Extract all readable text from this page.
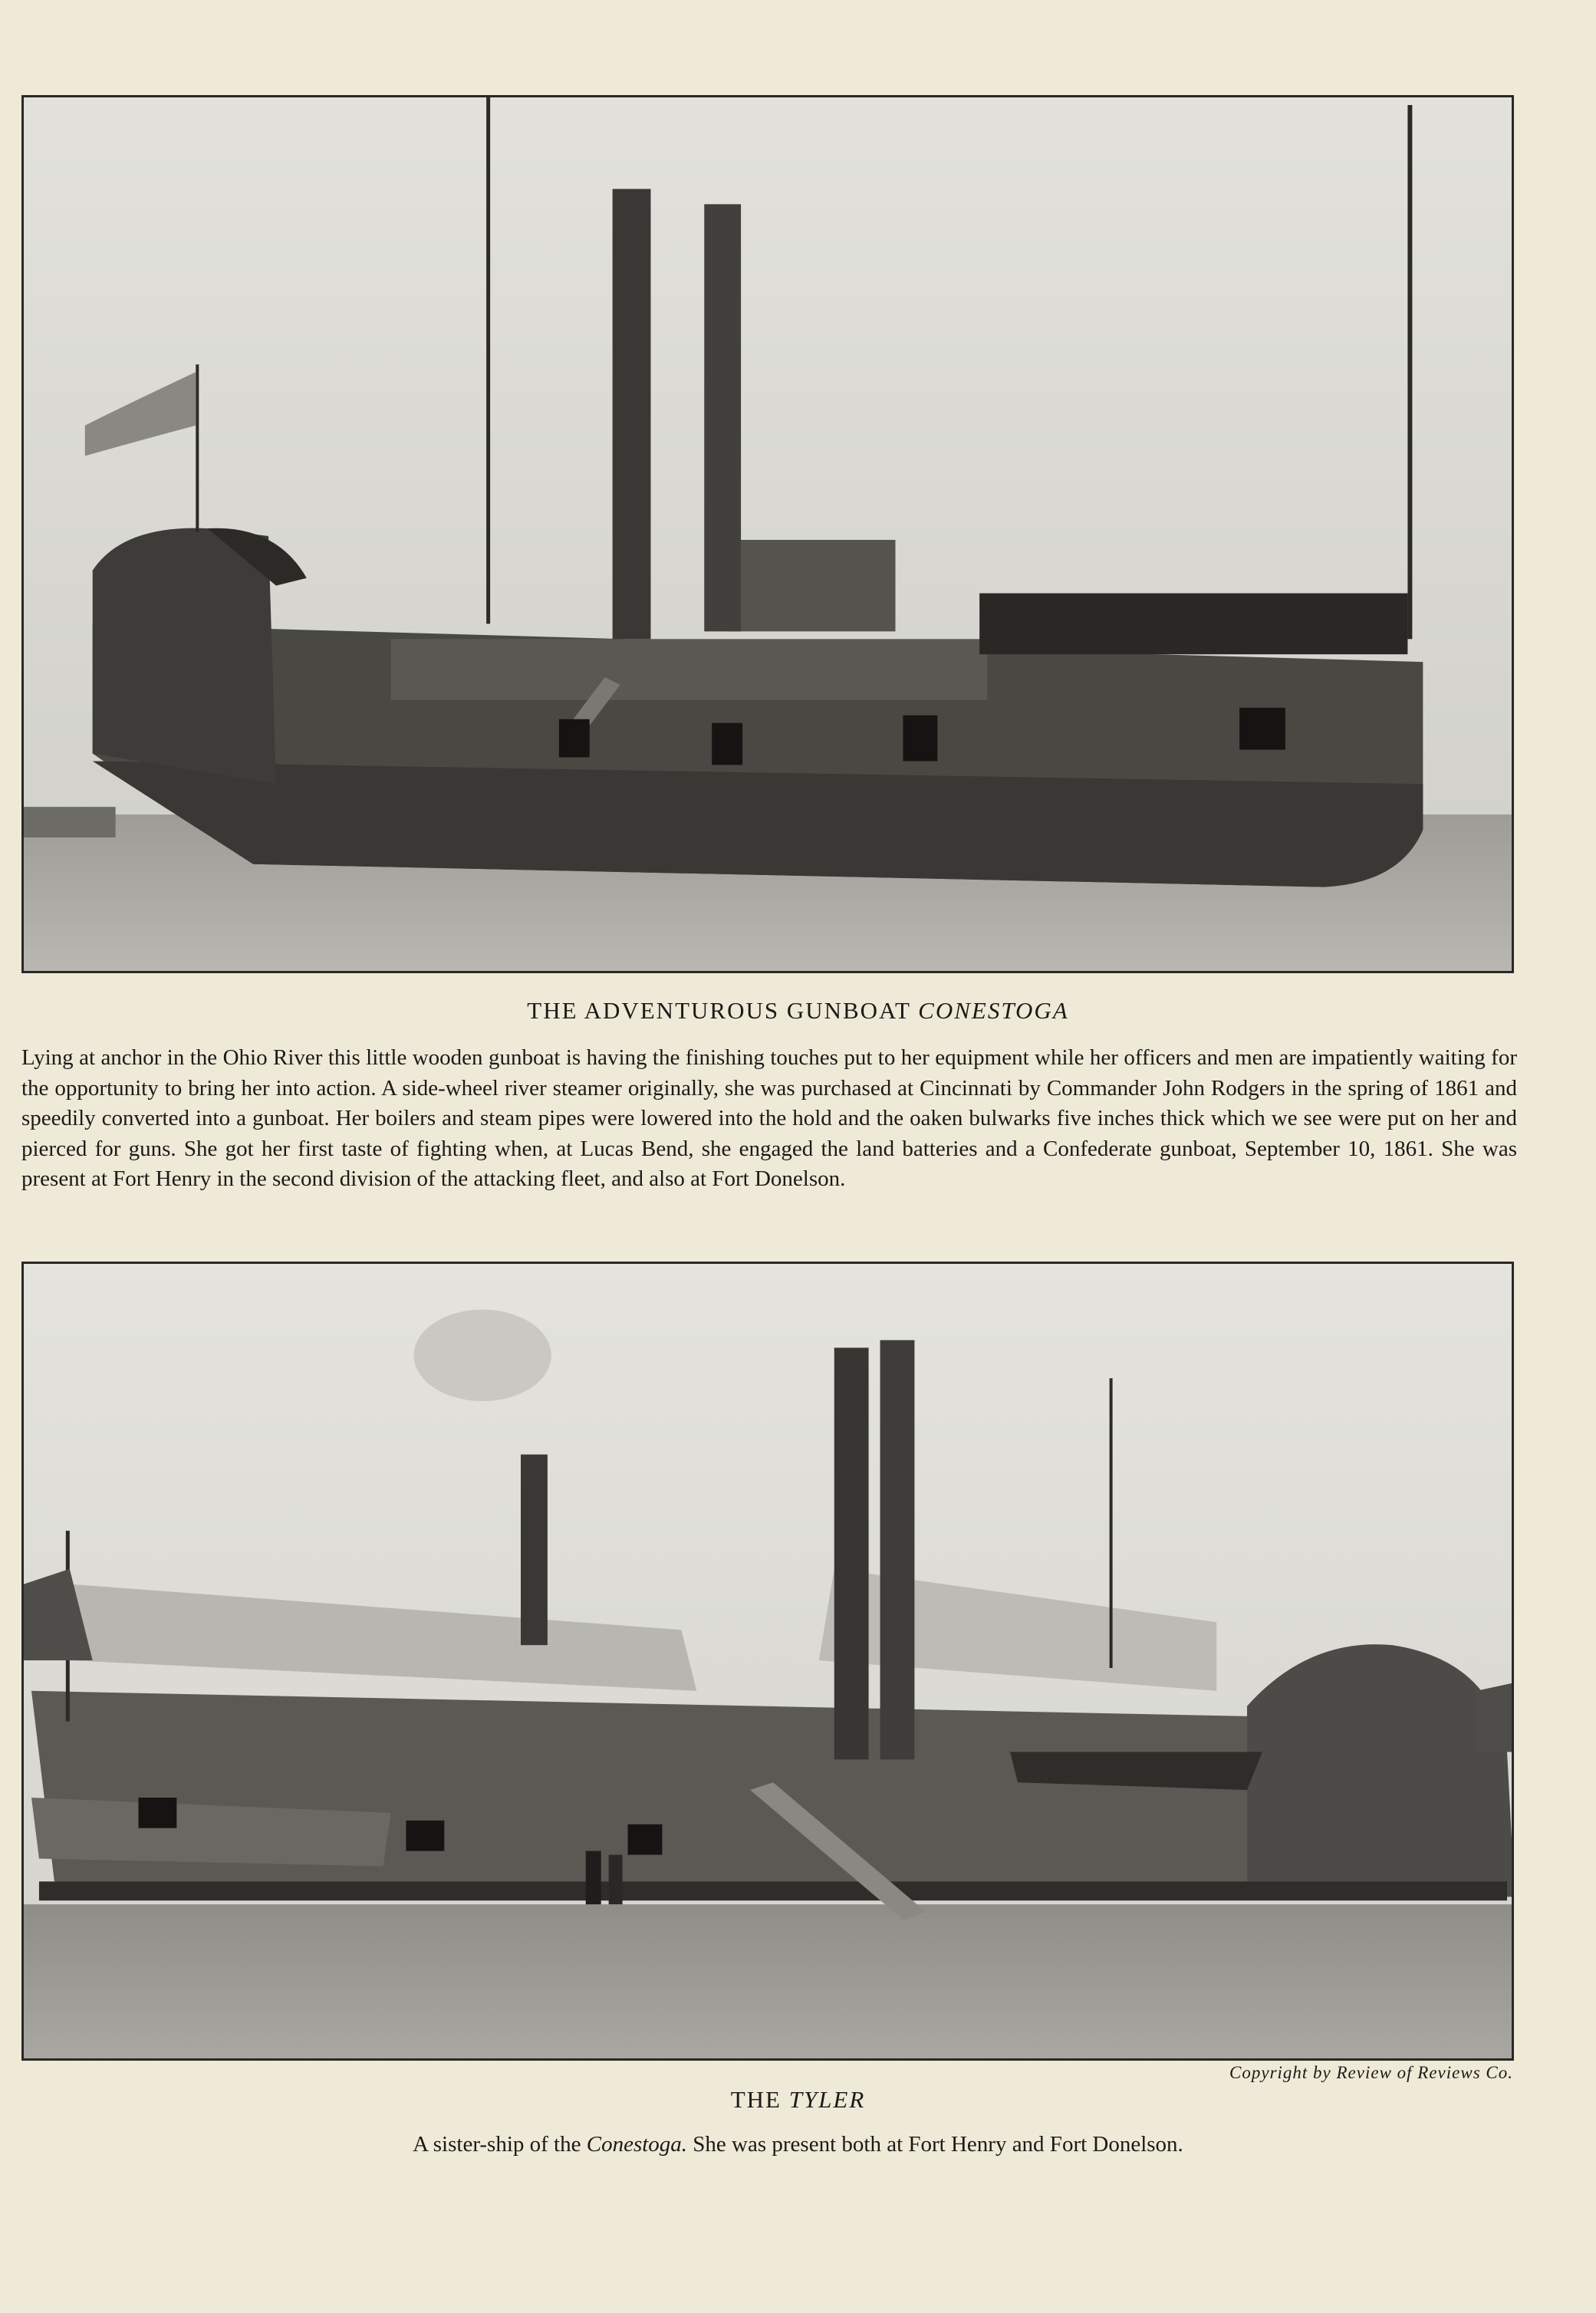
THE ADVENTUROUS GUNBOAT CONESTOGA
Lying at anchor in the Ohio River this little wooden gunboat is having the finishing touches put to her equipment while her officers and men are impatiently waiting for the opportunity to bring her into action. A side-wheel river steamer originally, she was purchased at Cincinnati by Commander John Rodgers in the spring of 1861 and speedily converted into a gunboat. Her boilers and steam pipes were lowered into the hold and the oaken bulwarks five inches thick which we see were put on her and pierced for guns. She got her first taste of fighting when, at Lucas Bend, she engaged the land batteries and a Confederate gunboat, September 10, 1861. She was present at Fort Henry in the second division of the attacking fleet, and also at Fort Donelson.
Copyright by Review of Reviews Co.
THE TYLER
A sister-ship of the Conestoga. She was present both at Fort Henry and Fort Donelson.
